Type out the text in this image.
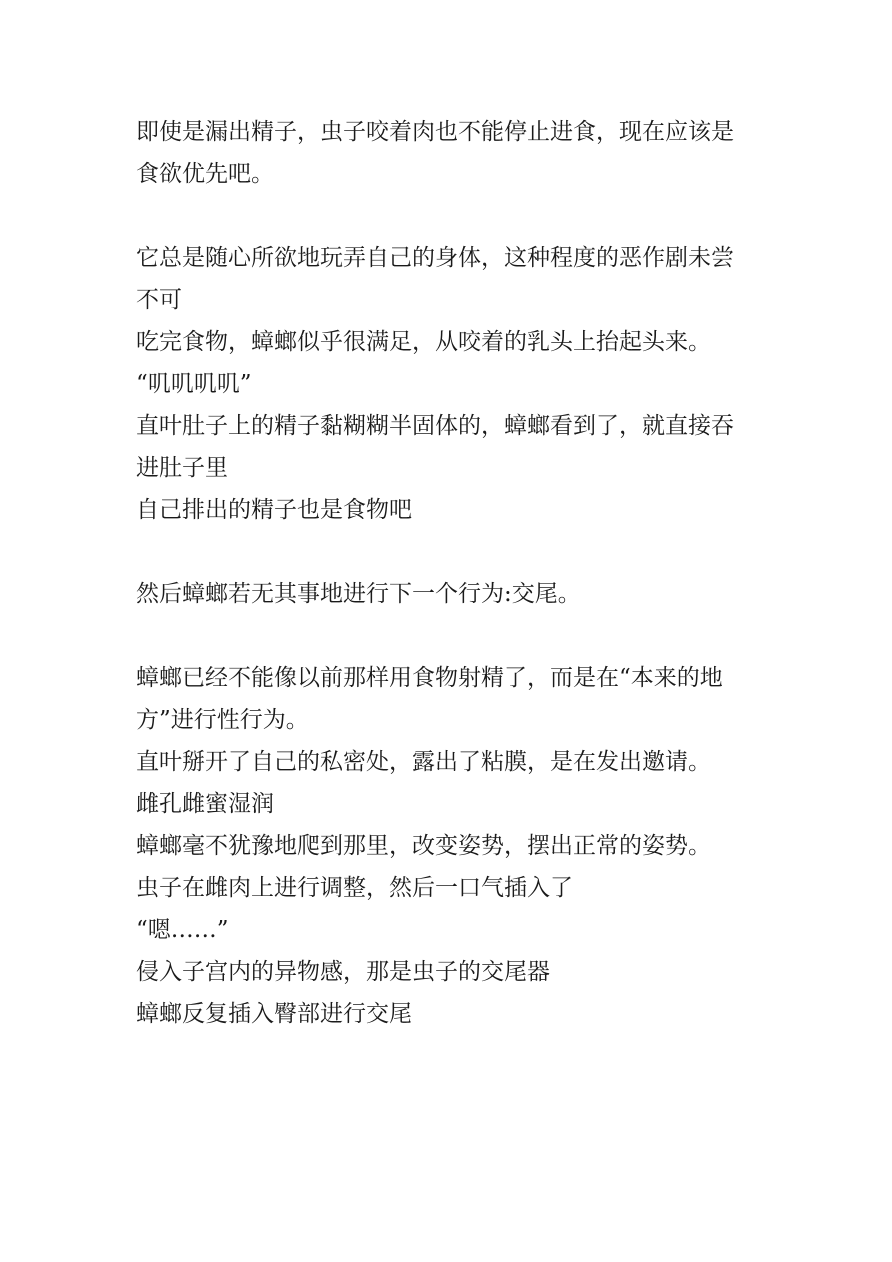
即使是漏出精子，虫子咬着肉也不能停止进食，现在应该是
食欲优先吧。
它总是随心所欲地玩弄自己的身体，这种程度的恶作剧未尝
不可
吃完食物，蟑螂似乎很满足，从咬着的乳头上抬起头来。
“叽叽叽叽”
直叶肚子上的精子黏糊糊半固体的，蟑螂看到了，就直接吞
进肚子里
自己排出的精子也是食物吧
然后蟑螂若无其事地进行下一个行为:交尾。
蟑螂已经不能像以前那样用食物射精了，而是在“本来的地
方”进行性行为。
直叶掰开了自己的私密处，露出了粘膜，是在发出邀请。
雌孔雌蜜湿润
蟑螂毫不犹豫地爬到那里，改变姿势，摆出正常的姿势。
虫子在雌肉上进行调整，然后一口气插入了
“嗯……”
侵入子宫内的异物感，那是虫子的交尾器
蟑螂反复插入臀部进行交尾
